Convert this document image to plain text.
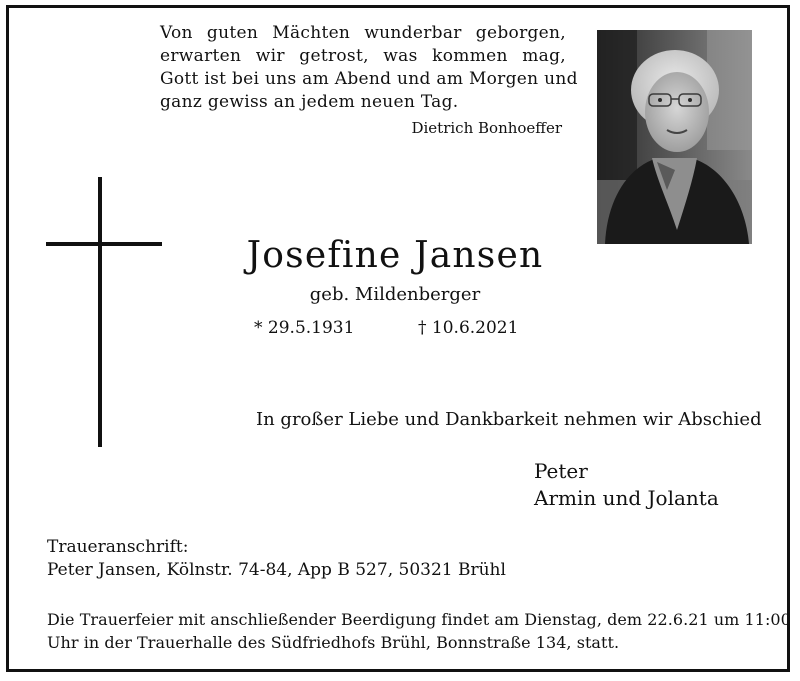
Von guten Mächten wunderbar geborgen,
erwarten wir getrost, was kommen mag,
Gott ist bei uns am Abend und am Morgen und
ganz gewiss an jedem neuen Tag.
Dietrich Bonhoeffer
Josefine Jansen
geb. Mildenberger
* 29.5.1931	† 10.6.2021
In großer Liebe und Dankbarkeit nehmen wir Abschied
Peter
Armin und Jolanta
Traueranschrift:
Peter Jansen, Kölnstr. 74-84, App B 527, 50321 Brühl
Die Trauerfeier mit anschließender Beerdigung findet am Dienstag, dem 22.6.21 um 11:00
Uhr in der Trauerhalle des Südfriedhofs Brühl, Bonnstraße 134, statt.
